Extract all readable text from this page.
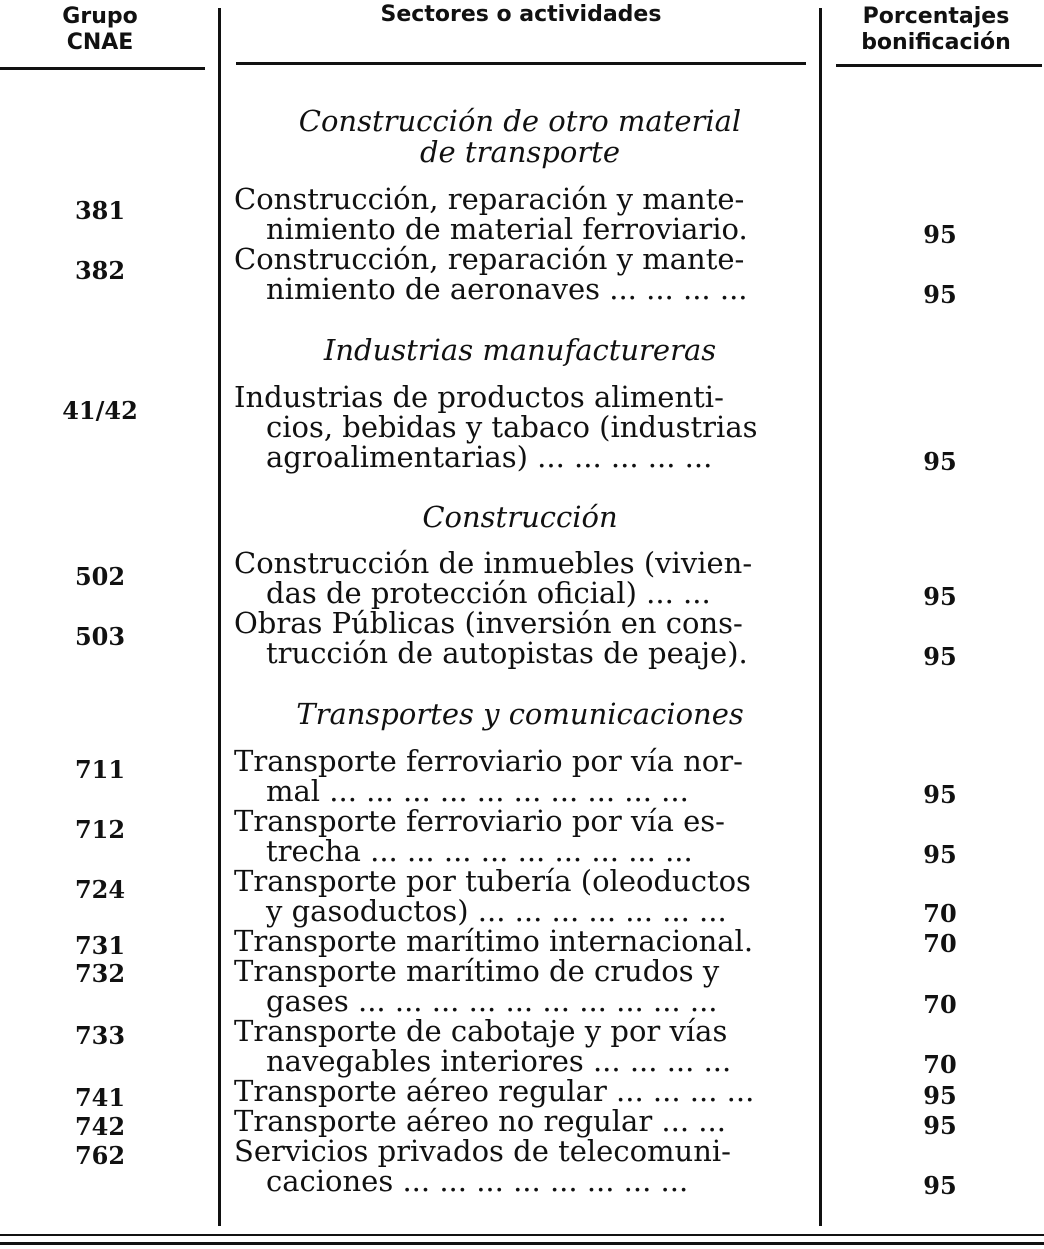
Grupo
CNAE
Sectores o actividades	Porcentajes
bonificación
Construcción de otro material
de transporte
Industrias manufactureras
Construcción
Transportes y comunicaciones
381
382
41/42
502
503
711
712
724
731
732
733
741
742
762
Construcción, reparación y mante-
nimiento de material ferroviario.
Construcción, reparación y mante-
nimiento de aeronaves ... ... ... ...
Industrias de productos alimenti-
cios, bebidas y tabaco (industrias
agroalimentarias) ... ... ... ... ...
Construcción de inmuebles (vivien-
das de protección oficial) ... ...
Obras Públicas (inversión en cons-
trucción de autopistas de peaje).
Transporte ferroviario por vía nor-
mal ... ... ... ... ... ... ... ... ... ...
Transporte ferroviario por vía es-
trecha ... ... ... ... ... ... ... ... ...
Transporte por tubería (oleoductos
y gasoductos) ... ... ... ... ... ... ...
Transporte marítimo internacional.
Transporte marítimo de crudos y
gases ... ... ... ... ... ... ... ... ... ...
Transporte de cabotaje y por vías
navegables interiores ... ... ... ...
Transporte aéreo regular ... ... ... ...
Transporte aéreo no regular ... ...
Servicios privados de telecomuni-
caciones ... ... ... ... ... ... ... ...
95
95
95
95
95
95
95
70
70
70
70
95
95
95
